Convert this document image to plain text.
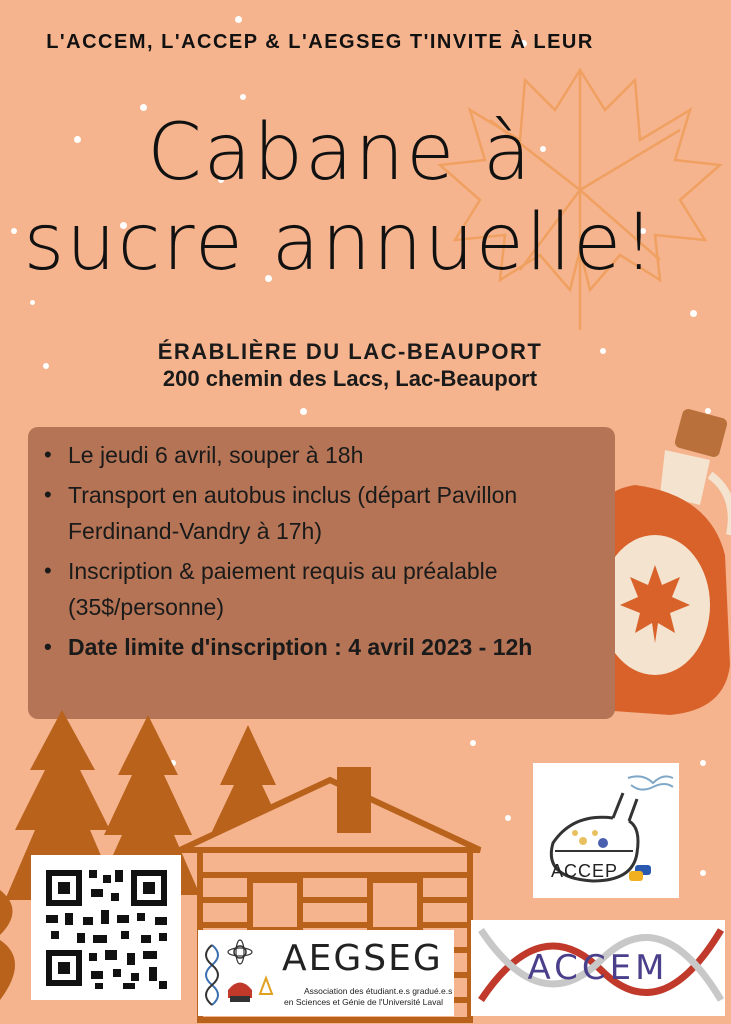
L'ACCEM, L'ACCEP & L'AEGSEG T'INVITE À LEUR
Cabane à
sucre annuelle!
ÉRABLIÈRE DU LAC-BEAUPORT
200 chemin des Lacs, Lac-Beauport
• Le jeudi 6 avril, souper à 18h
• Transport en autobus inclus (départ Pavillon Ferdinand-Vandry à 17h)
• Inscription & paiement requis au préalable (35$/personne)
• Date limite d'inscription : 4 avril 2023 - 12h
AEGSEG
Association des étudiant.e.s gradué.e.s
en Sciences et Génie de l'Université Laval
ACCEP
ACCEM
